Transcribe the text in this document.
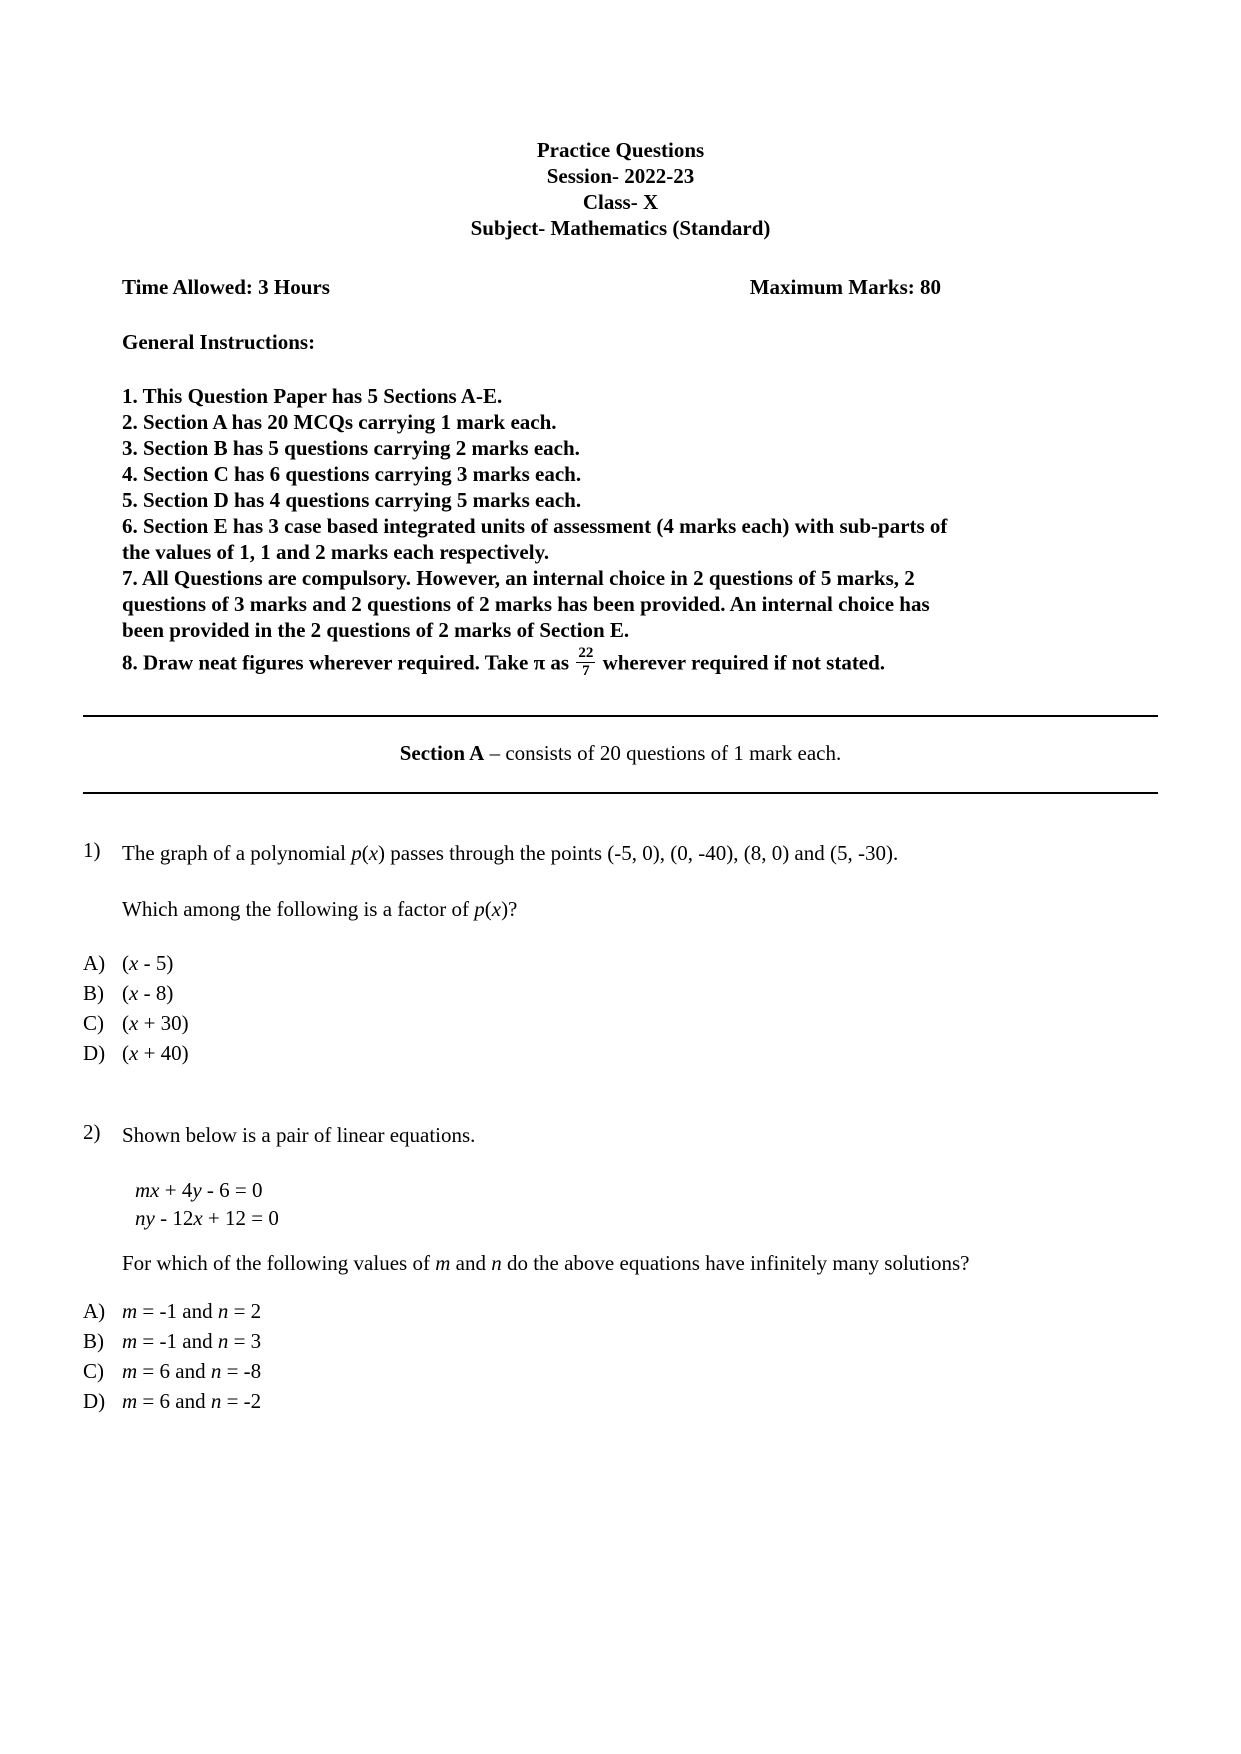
Practice Questions
Session- 2022-23
Class- X
Subject- Mathematics (Standard)
Time Allowed: 3 Hours	Maximum Marks: 80
General Instructions:
1. This Question Paper has 5 Sections A-E.
2. Section A has 20 MCQs carrying 1 mark each.
3. Section B has 5 questions carrying 2 marks each.
4. Section C has 6 questions carrying 3 marks each.
5. Section D has 4 questions carrying 5 marks each.
6. Section E has 3 case based integrated units of assessment (4 marks each) with sub-parts of the values of 1, 1 and 2 marks each respectively.
7. All Questions are compulsory. However, an internal choice in 2 questions of 5 marks, 2 questions of 3 marks and 2 questions of 2 marks has been provided. An internal choice has been provided in the 2 questions of 2 marks of Section E.
8. Draw neat figures wherever required. Take π as $\frac{22}{7}$ wherever required if not stated.
Section A – consists of 20 questions of 1 mark each.
1)	The graph of a polynomial p(x) passes through the points (-5, 0), (0, -40), (8, 0) and (5, -30).

Which among the following is a factor of p(x)?

A) (x - 5)
B) (x - 8)
C) (x + 30)
D) (x + 40)
2)	Shown below is a pair of linear equations.

mx + 4y - 6 = 0
ny - 12x + 12 = 0

For which of the following values of m and n do the above equations have infinitely many solutions?

A) m = -1 and n = 2
B) m = -1 and n = 3
C) m = 6 and n = -8
D) m = 6 and n = -2
